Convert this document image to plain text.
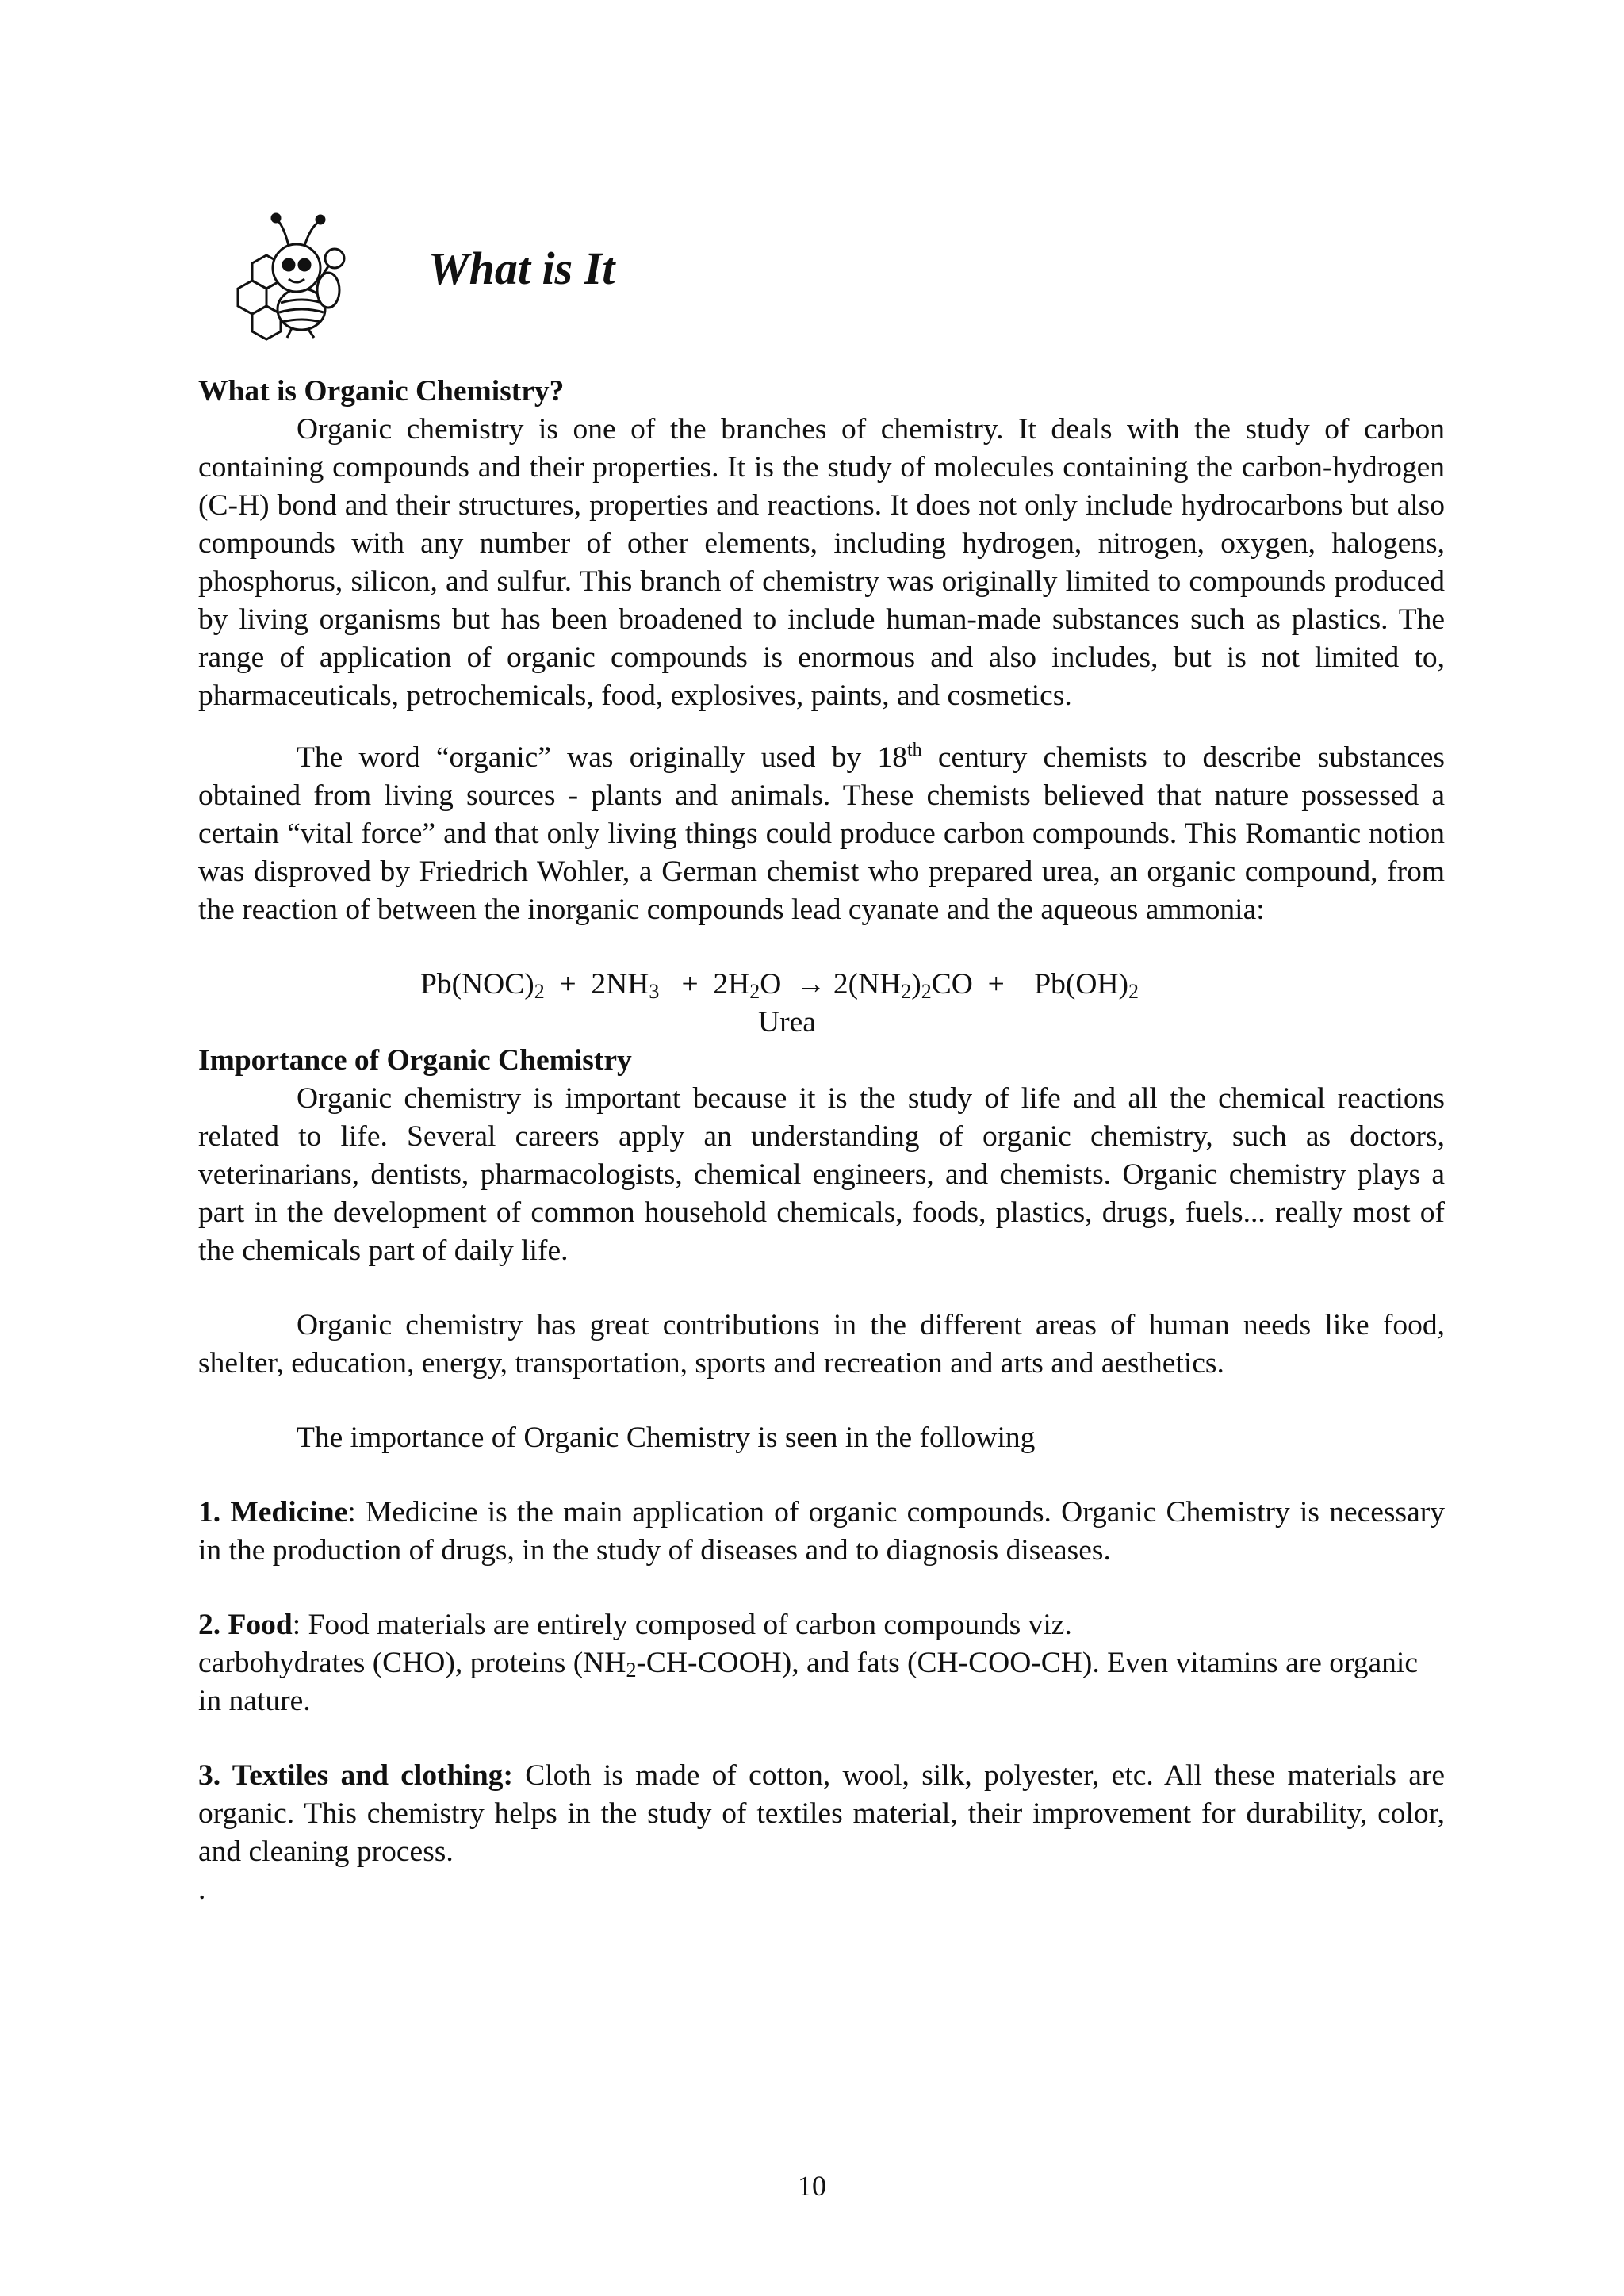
What is It
What is Organic Chemistry?

Organic chemistry is one of the branches of chemistry. It deals with the study of carbon containing compounds and their properties. It is the study of molecules containing the carbon-hydrogen (C-H) bond and their structures, properties and reactions. It does not only include hydrocarbons but also compounds with any number of other elements, including hydrogen, nitrogen, oxygen, halogens, phosphorus, silicon, and sulfur. This branch of chemistry was originally limited to compounds produced by living organisms but has been broadened to include human-made substances such as plastics. The range of application of organic compounds is enormous and also includes, but is not limited to, pharmaceuticals, petrochemicals, food, explosives, paints, and cosmetics.

The word “organic” was originally used by 18th century chemists to describe substances obtained from living sources - plants and animals. These chemists believed that nature possessed a certain “vital force” and that only living things could produce carbon compounds. This Romantic notion was disproved by Friedrich Wohler, a German chemist who prepared urea, an organic compound, from the reaction of between the inorganic compounds lead cyanate and the aqueous ammonia:

$Pb(NOC)_2 + 2NH_3 + 2H_2O \to 2(NH_2)_2CO$  +    $Pb(OH)_2$
Urea
Importance of Organic Chemistry

Organic chemistry is important because it is the study of life and all the chemical reactions related to life. Several careers apply an understanding of organic chemistry, such as doctors, veterinarians, dentists, pharmacologists, chemical engineers, and chemists. Organic chemistry plays a part in the development of common household chemicals, foods, plastics, drugs, fuels... really most of the chemicals part of daily life.

Organic chemistry has great contributions in the different areas of human needs like food, shelter, education, energy, transportation, sports and recreation and arts and aesthetics.

The importance of Organic Chemistry is seen in the following

1. Medicine: Medicine is the main application of organic compounds. Organic Chemistry is necessary in the production of drugs, in the study of diseases and to diagnosis diseases.

2. Food: Food materials are entirely composed of carbon compounds viz.
carbohydrates (CHO), proteins $(NH_2-CH-COOH)$, and fats (CH-COO-CH). Even vitamins are organic in nature.

3. Textiles and clothing: Cloth is made of cotton, wool, silk, polyester, etc. All these materials are organic. This chemistry helps in the study of textiles material, their improvement for durability, color, and cleaning process.

.

10
